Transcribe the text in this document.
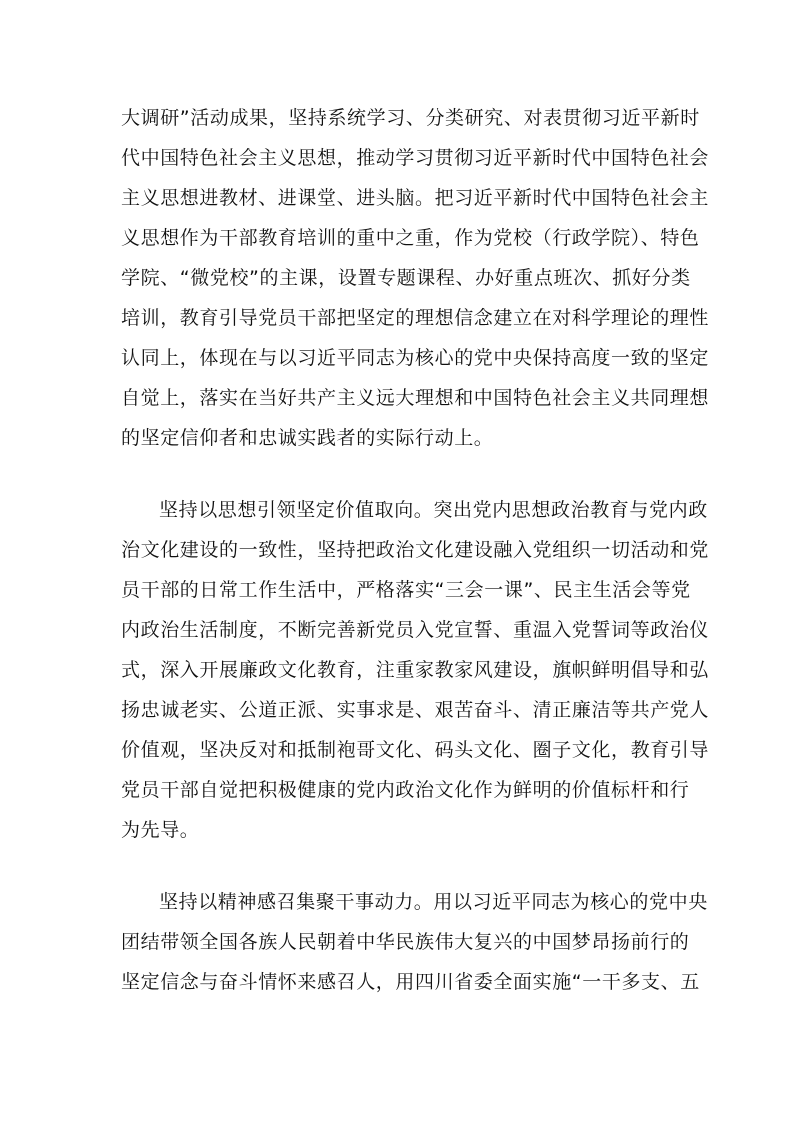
大调研”活动成果，坚持系统学习、分类研究、对表贯彻习近平新时

代中国特色社会主义思想，推动学习贯彻习近平新时代中国特色社会

主义思想进教材、进课堂、进头脑。把习近平新时代中国特色社会主

义思想作为干部教育培训的重中之重，作为党校（行政学院）、特色

学院、“微党校”的主课，设置专题课程、办好重点班次、抓好分类

培训，教育引导党员干部把坚定的理想信念建立在对科学理论的理性

认同上，体现在与以习近平同志为核心的党中央保持高度一致的坚定

自觉上，落实在当好共产主义远大理想和中国特色社会主义共同理想

的坚定信仰者和忠诚实践者的实际行动上。

坚持以思想引领坚定价值取向。突出党内思想政治教育与党内政

治文化建设的一致性，坚持把政治文化建设融入党组织一切活动和党

员干部的日常工作生活中，严格落实“三会一课”、民主生活会等党

内政治生活制度，不断完善新党员入党宣誓、重温入党誓词等政治仪

式，深入开展廉政文化教育，注重家教家风建设，旗帜鲜明倡导和弘

扬忠诚老实、公道正派、实事求是、艰苦奋斗、清正廉洁等共产党人

价值观，坚决反对和抵制袍哥文化、码头文化、圈子文化，教育引导

党员干部自觉把积极健康的党内政治文化作为鲜明的价值标杆和行

为先导。

坚持以精神感召集聚干事动力。用以习近平同志为核心的党中央

团结带领全国各族人民朝着中华民族伟大复兴的中国梦昂扬前行的

坚定信念与奋斗情怀来感召人，用四川省委全面实施“一干多支、五
